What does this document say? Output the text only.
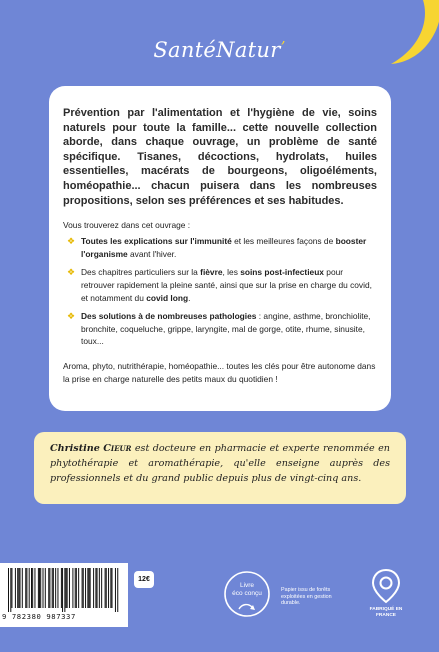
SantéNatur’

Prévention par l'alimentation et l'hygiène de vie, soins naturels pour toute la famille... cette nouvelle collection aborde, dans chaque ouvrage, un problème de santé spécifique. Tisanes, décoctions, hydrolats, huiles essentielles, macérats de bourgeons, oligoéléments, homéopathie... chacun puisera dans les nombreuses propositions, selon ses préférences et ses habitudes.

Vous trouverez dans cet ouvrage :

❖ Toutes les explications sur l'immunité et les meilleures façons de booster l'organisme avant l'hiver.
❖ Des chapitres particuliers sur la fièvre, les soins post-infectieux pour retrouver rapidement la pleine santé, ainsi que sur la prise en charge du covid, et notamment du covid long.
❖ Des solutions à de nombreuses pathologies : angine, asthme, bronchiolite, bronchite, coqueluche, grippe, laryngite, mal de gorge, otite, rhume, sinusite, toux...

Aroma, phyto, nutrithérapie, homéopathie... toutes les clés pour être autonome dans la prise en charge naturelle des petits maux du quotidien !

Christine Cieur est docteure en pharmacie et experte renommée en phytothérapie et aromathérapie, qu'elle enseigne auprès des professionnels et du grand public depuis plus de vingt-cinq ans.
9 782380 987337
12€
Livre
éco conçu	Papier issu de forêts exploitées en gestion durable.
FABRIQUÉ EN FRANCE
